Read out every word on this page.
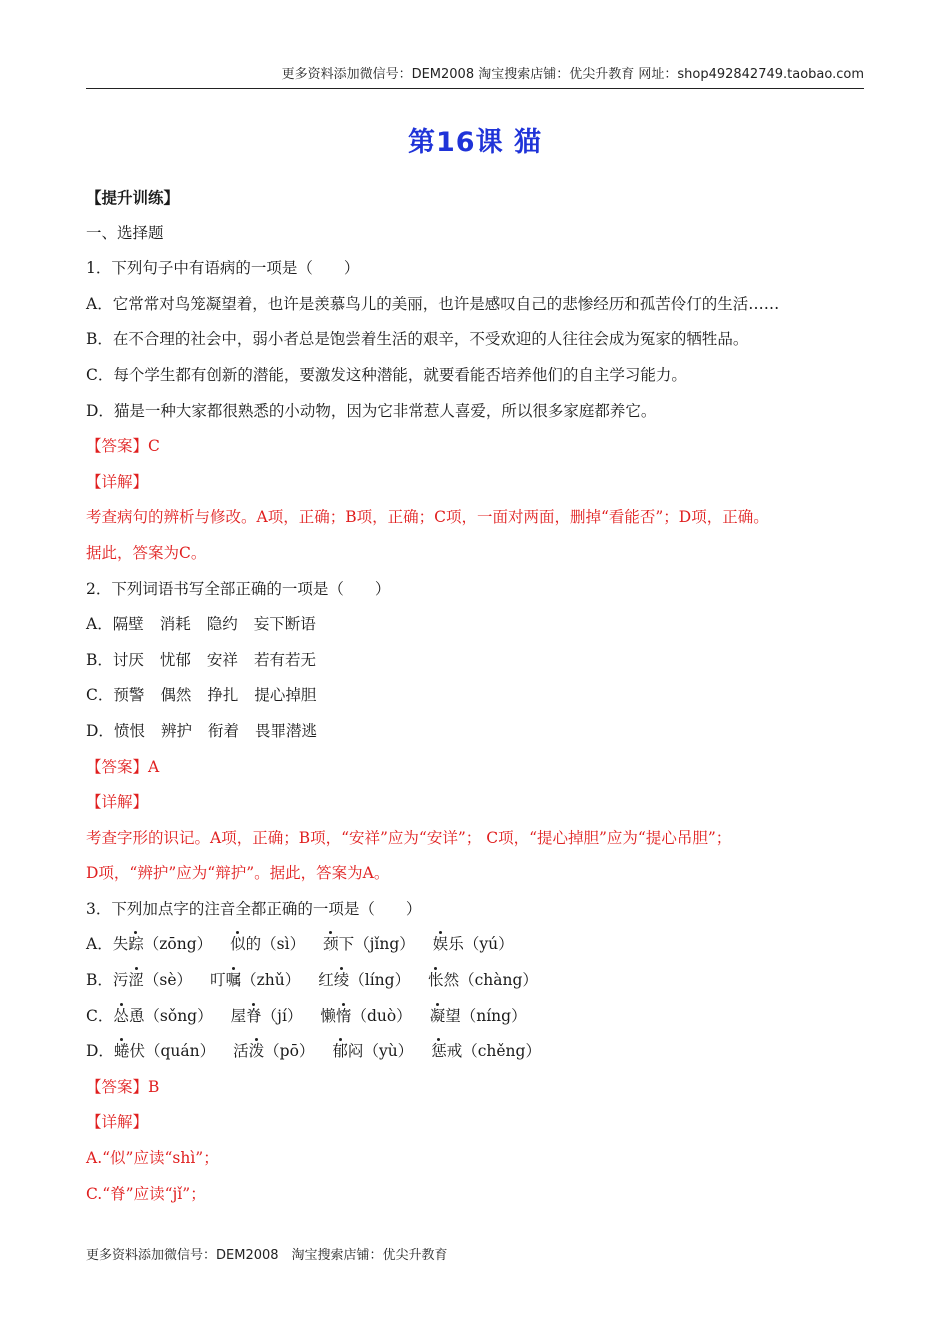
更多资料添加微信号：DEM2008 淘宝搜索店铺：优尖升教育 网址：shop492842749.taobao.com
第16课 猫
【提升训练】
一、选择题
1．下列句子中有语病的一项是（　　）
A．它常常对鸟笼凝望着，也许是羡慕鸟儿的美丽，也许是感叹自己的悲惨经历和孤苦伶仃的生活……
B．在不合理的社会中，弱小者总是饱尝着生活的艰辛，不受欢迎的人往往会成为冤家的牺牲品。
C．每个学生都有创新的潜能，要激发这种潜能，就要看能否培养他们的自主学习能力。
D．猫是一种大家都很熟悉的小动物，因为它非常惹人喜爱，所以很多家庭都养它。
【答案】C
【详解】
考查病句的辨析与修改。A项，正确；B项，正确；C项，一面对两面，删掉“看能否”；D项，正确。
据此，答案为C。
2．下列词语书写全部正确的一项是（　　）
A．隔壁 消耗 隐约 妄下断语
B．讨厌 忧郁 安祥 若有若无
C．预警 偶然 挣扎 提心掉胆
D．愤恨 辨护 衔着 畏罪潜逃
【答案】A
【详解】
考查字形的识记。A项，正确；B项，“安祥”应为“安详”； C项，“提心掉胆”应为“提心吊胆”；
D项，“辨护”应为“辩护”。据此，答案为A。
3．下列加点字的注音全都正确的一项是（　　）
A．失踪（zōng） 似的（sì） 颈下（jǐng） 娱乐（yú）
B．污涩（sè） 叮嘱（zhǔ） 红绫（líng） 怅然（chàng）
C．怂恿（sǒng） 屋脊（jí） 懒惰（duò） 凝望（níng）
D．蜷伏（quán） 活泼（pō） 郁闷（yù） 惩戒（chěng）
【答案】B
【详解】
A.“似”应读“shì”；
C.“脊”应读“jǐ”；
更多资料添加微信号：DEM2008　淘宝搜索店铺：优尖升教育
